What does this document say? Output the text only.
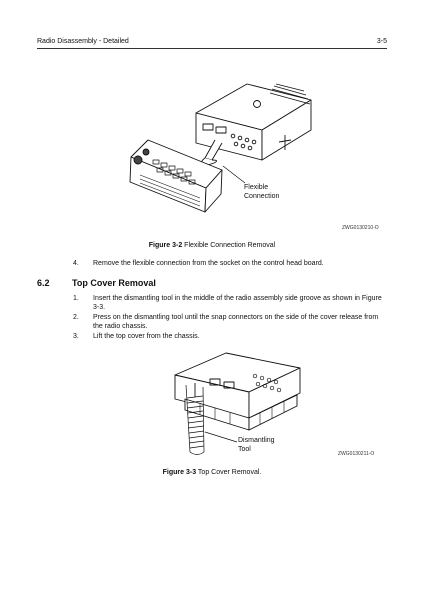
Radio Disassembly - Detailed	3-5
Flexible
Connection
ZWG0130210-O
Figure 3-2 Flexible Connection Removal
4.	Remove the flexible connection from the socket on the control head board.
6.2 Top Cover Removal
1.	Insert the dismantling tool in the middle of the radio assembly side groove as shown in Figure 3-3.
2.	Press on the dismantling tool until the snap connectors on the side of the cover release from the radio chassis.
3.	Lift the top cover from the chassis.
Dismantling
Tool
ZWG0130211-O
Figure 3-3 Top Cover Removal.
